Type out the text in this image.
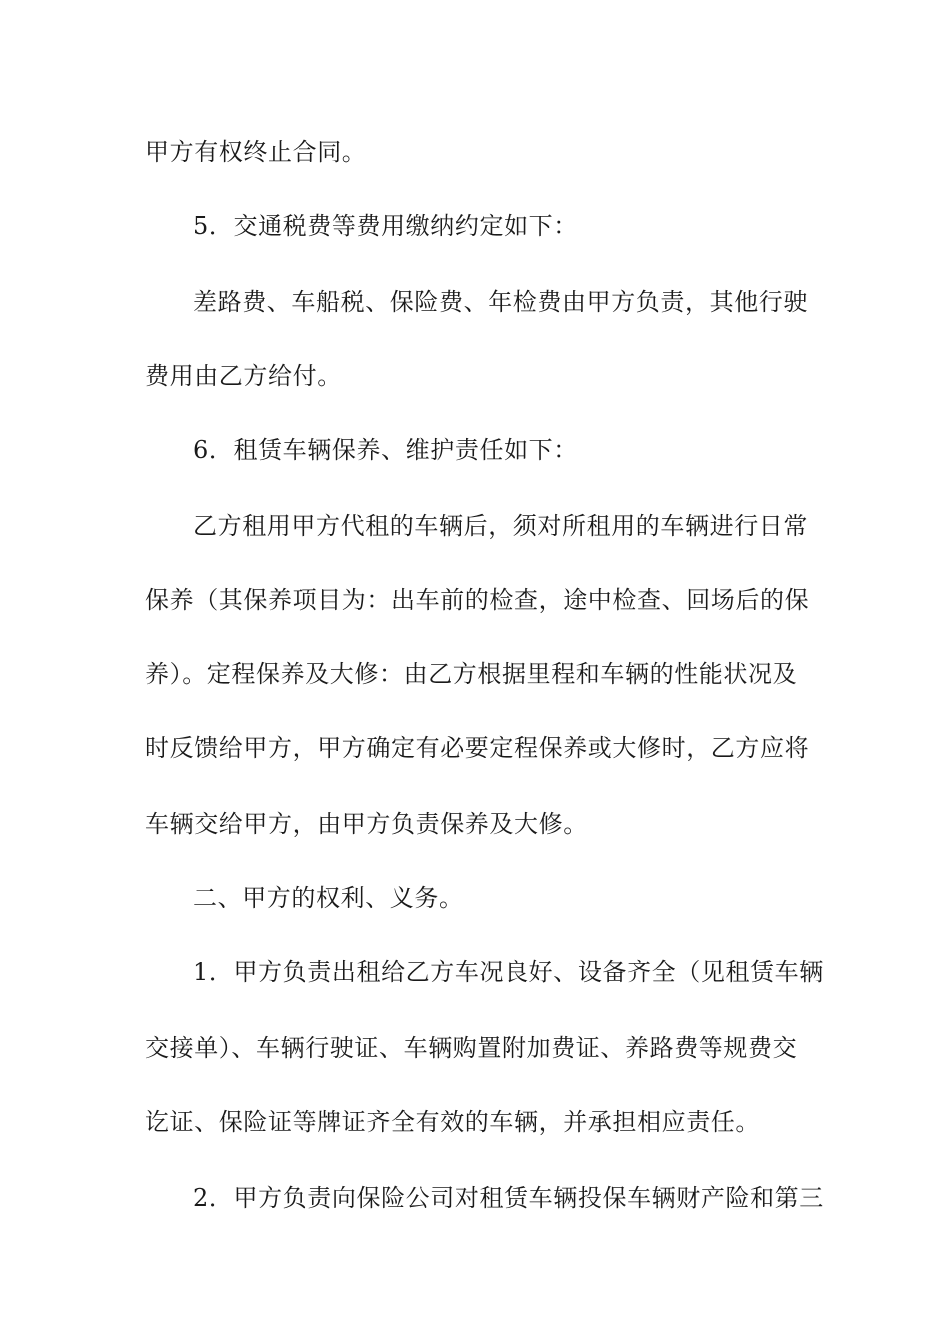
甲方有权终止合同。
5．交通税费等费用缴纳约定如下：
差路费、车船税、保险费、年检费由甲方负责，其他行驶
费用由乙方给付。
6．租赁车辆保养、维护责任如下：
乙方租用甲方代租的车辆后，须对所租用的车辆进行日常
保养（其保养项目为：出车前的检查，途中检查、回场后的保
养）。定程保养及大修：由乙方根据里程和车辆的性能状况及
时反馈给甲方，甲方确定有必要定程保养或大修时，乙方应将
车辆交给甲方，由甲方负责保养及大修。
二、甲方的权利、义务。
1．甲方负责出租给乙方车况良好、设备齐全（见租赁车辆
交接单）、车辆行驶证、车辆购置附加费证、养路费等规费交
讫证、保险证等牌证齐全有效的车辆，并承担相应责任。
2．甲方负责向保险公司对租赁车辆投保车辆财产险和第三
